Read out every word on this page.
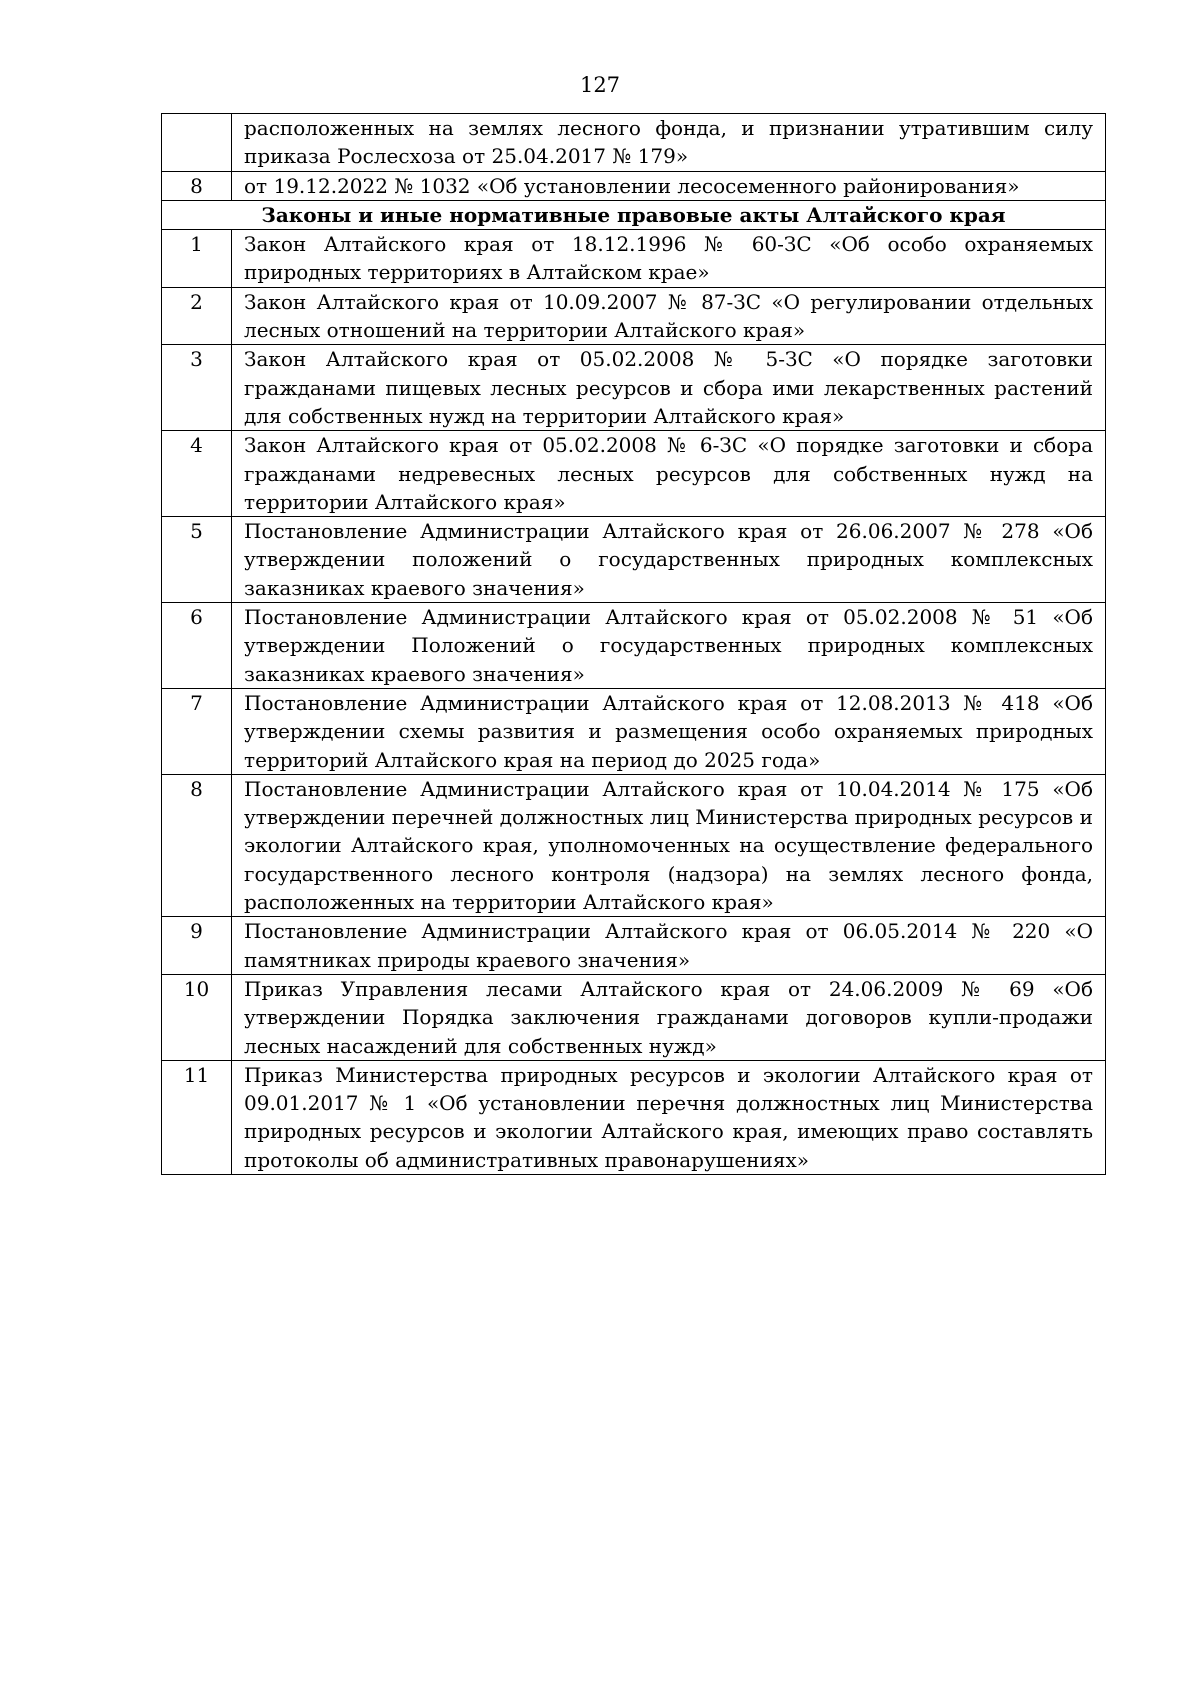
127
	расположенных на землях лесного фонда, и признании утратившим силу приказа Рослесхоза от 25.04.2017 № 179»
8	от 19.12.2022 № 1032 «Об установлении лесосеменного районирования»
Законы и иные нормативные правовые акты Алтайского края	
1	Закон Алтайского края от 18.12.1996 № 60-ЗС «Об особо охраняемых природных территориях в Алтайском крае»
2	Закон Алтайского края от 10.09.2007 № 87-ЗС «О регулировании отдельных лесных отношений на территории Алтайского края»
3	Закон Алтайского края от 05.02.2008 № 5-ЗС «О порядке заготовки гражданами пищевых лесных ресурсов и сбора ими лекарственных растений для собственных нужд на территории Алтайского края»
4	Закон Алтайского края от 05.02.2008 № 6-ЗС «О порядке заготовки и сбора гражданами недревесных лесных ресурсов для собственных нужд на территории Алтайского края»
5	Постановление Администрации Алтайского края от 26.06.2007 № 278 «Об утверждении положений о государственных природных комплексных заказниках краевого значения»
6	Постановление Администрации Алтайского края от 05.02.2008 № 51 «Об утверждении Положений о государственных природных комплексных заказниках краевого значения»
7	Постановление Администрации Алтайского края от 12.08.2013 № 418 «Об утверждении схемы развития и размещения особо охраняемых природных территорий Алтайского края на период до 2025 года»
8	Постановление Администрации Алтайского края от 10.04.2014 № 175 «Об утверждении перечней должностных лиц Министерства природных ресурсов и экологии Алтайского края, уполномоченных на осуществление федерального государственного лесного контроля (надзора) на землях лесного фонда, расположенных на территории Алтайского края»
9	Постановление Администрации Алтайского края от 06.05.2014 № 220 «О памятниках природы краевого значения»
10	Приказ Управления лесами Алтайского края от 24.06.2009 № 69 «Об утверждении Порядка заключения гражданами договоров купли-продажи лесных насаждений для собственных нужд»
11	Приказ Министерства природных ресурсов и экологии Алтайского края от 09.01.2017 № 1 «Об установлении перечня должностных лиц Министерства природных ресурсов и экологии Алтайского края, имеющих право составлять протоколы об административных правонарушениях»
